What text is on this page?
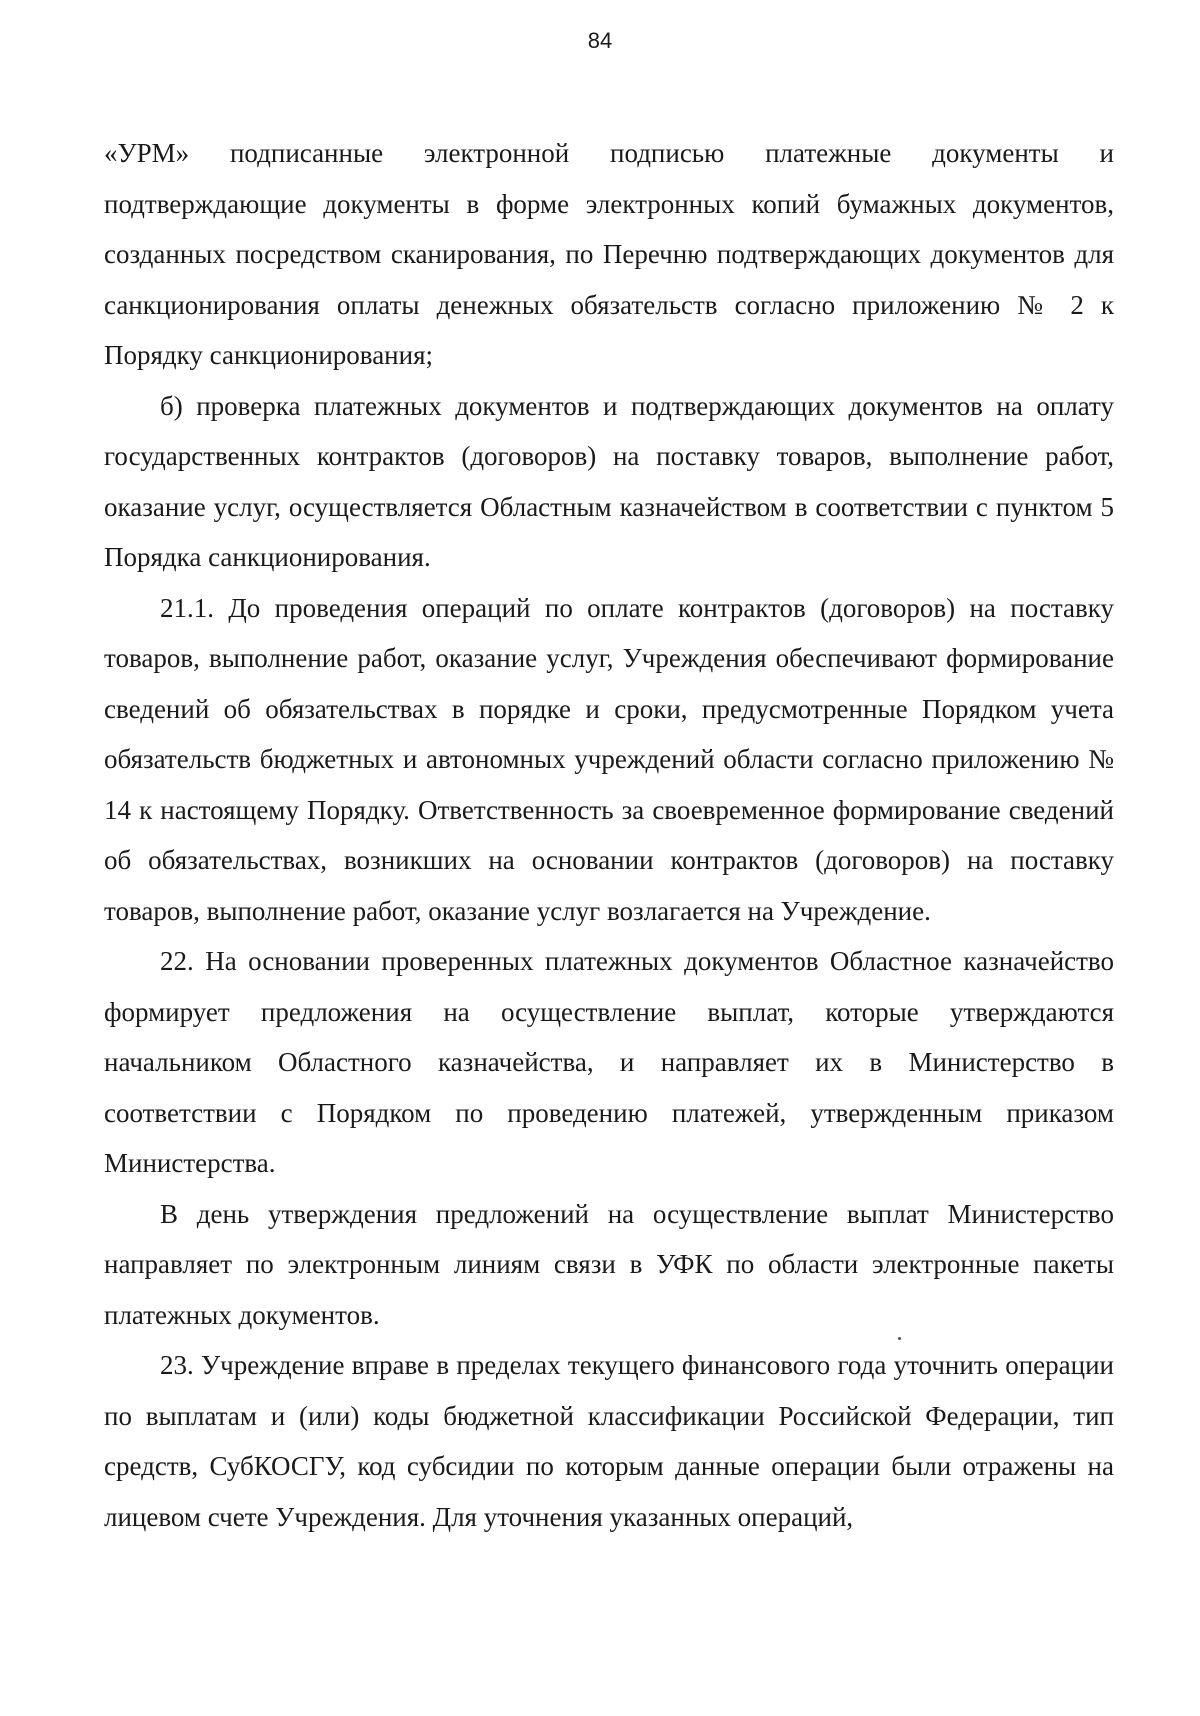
84

«УРМ» подписанные электронной подписью платежные документы и подтверждающие документы в форме электронных копий бумажных документов, созданных посредством сканирования, по Перечню подтверждающих документов для санкционирования оплаты денежных обязательств согласно приложению № 2 к Порядку санкционирования;

б) проверка платежных документов и подтверждающих документов на оплату государственных контрактов (договоров) на поставку товаров, выполнение работ, оказание услуг, осуществляется Областным казначейством в соответствии с пунктом 5 Порядка санкционирования.

21.1. До проведения операций по оплате контрактов (договоров) на поставку товаров, выполнение работ, оказание услуг, Учреждения обеспечивают формирование сведений об обязательствах в порядке и сроки, предусмотренные Порядком учета обязательств бюджетных и автономных учреждений области согласно приложению № 14 к настоящему Порядку. Ответственность за своевременное формирование сведений об обязательствах, возникших на основании контрактов (договоров) на поставку товаров, выполнение работ, оказание услуг возлагается на Учреждение.

22. На основании проверенных платежных документов Областное казначейство формирует предложения на осуществление выплат, которые утверждаются начальником Областного казначейства, и направляет их в Министерство в соответствии с Порядком по проведению платежей, утвержденным приказом Министерства.

В день утверждения предложений на осуществление выплат Министерство направляет по электронным линиям связи в УФК по области электронные пакеты платежных документов.

23. Учреждение вправе в пределах текущего финансового года уточнить операции по выплатам и (или) коды бюджетной классификации Российской Федерации, тип средств, СубКОСГУ, код субсидии по которым данные операции были отражены на лицевом счете Учреждения. Для уточнения указанных операций,
